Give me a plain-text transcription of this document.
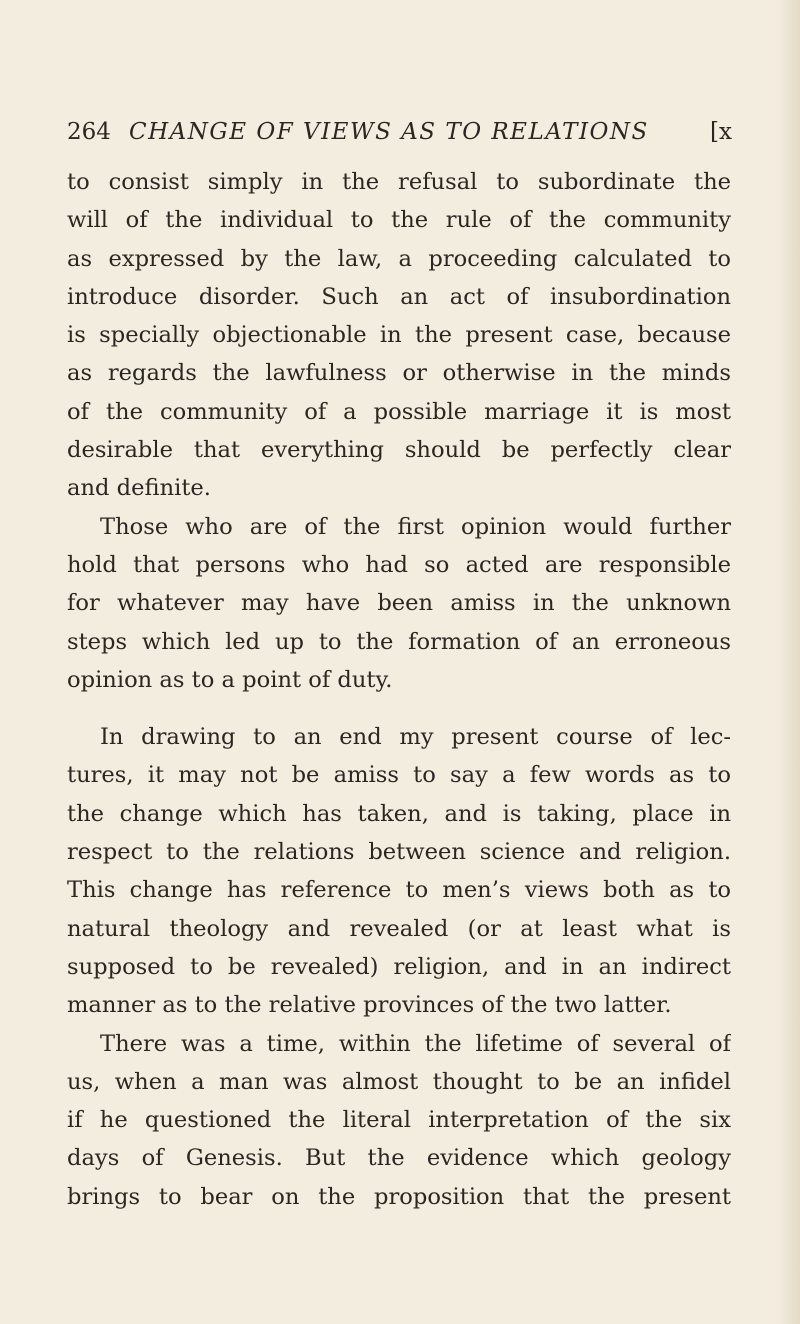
264 CHANGE OF VIEWS AS TO RELATIONS	[x
to consist simply in the refusal to subordinate the
will of the individual to the rule of the community
as expressed by the law, a proceeding calculated to
introduce disorder. Such an act of insubordination
is specially objectionable in the present case, because
as regards the lawfulness or otherwise in the minds
of the community of a possible marriage it is most
desirable that everything should be perfectly clear
and definite.
Those who are of the first opinion would further
hold that persons who had so acted are responsible
for whatever may have been amiss in the unknown
steps which led up to the formation of an erroneous
opinion as to a point of duty.
In drawing to an end my present course of lec-
tures, it may not be amiss to say a few words as to
the change which has taken, and is taking, place in
respect to the relations between science and religion.
This change has reference to men’s views both as to
natural theology and revealed (or at least what is
supposed to be revealed) religion, and in an indirect
manner as to the relative provinces of the two latter.
There was a time, within the lifetime of several of
us, when a man was almost thought to be an infidel
if he questioned the literal interpretation of the six
days of Genesis. But the evidence which geology
brings to bear on the proposition that the present
